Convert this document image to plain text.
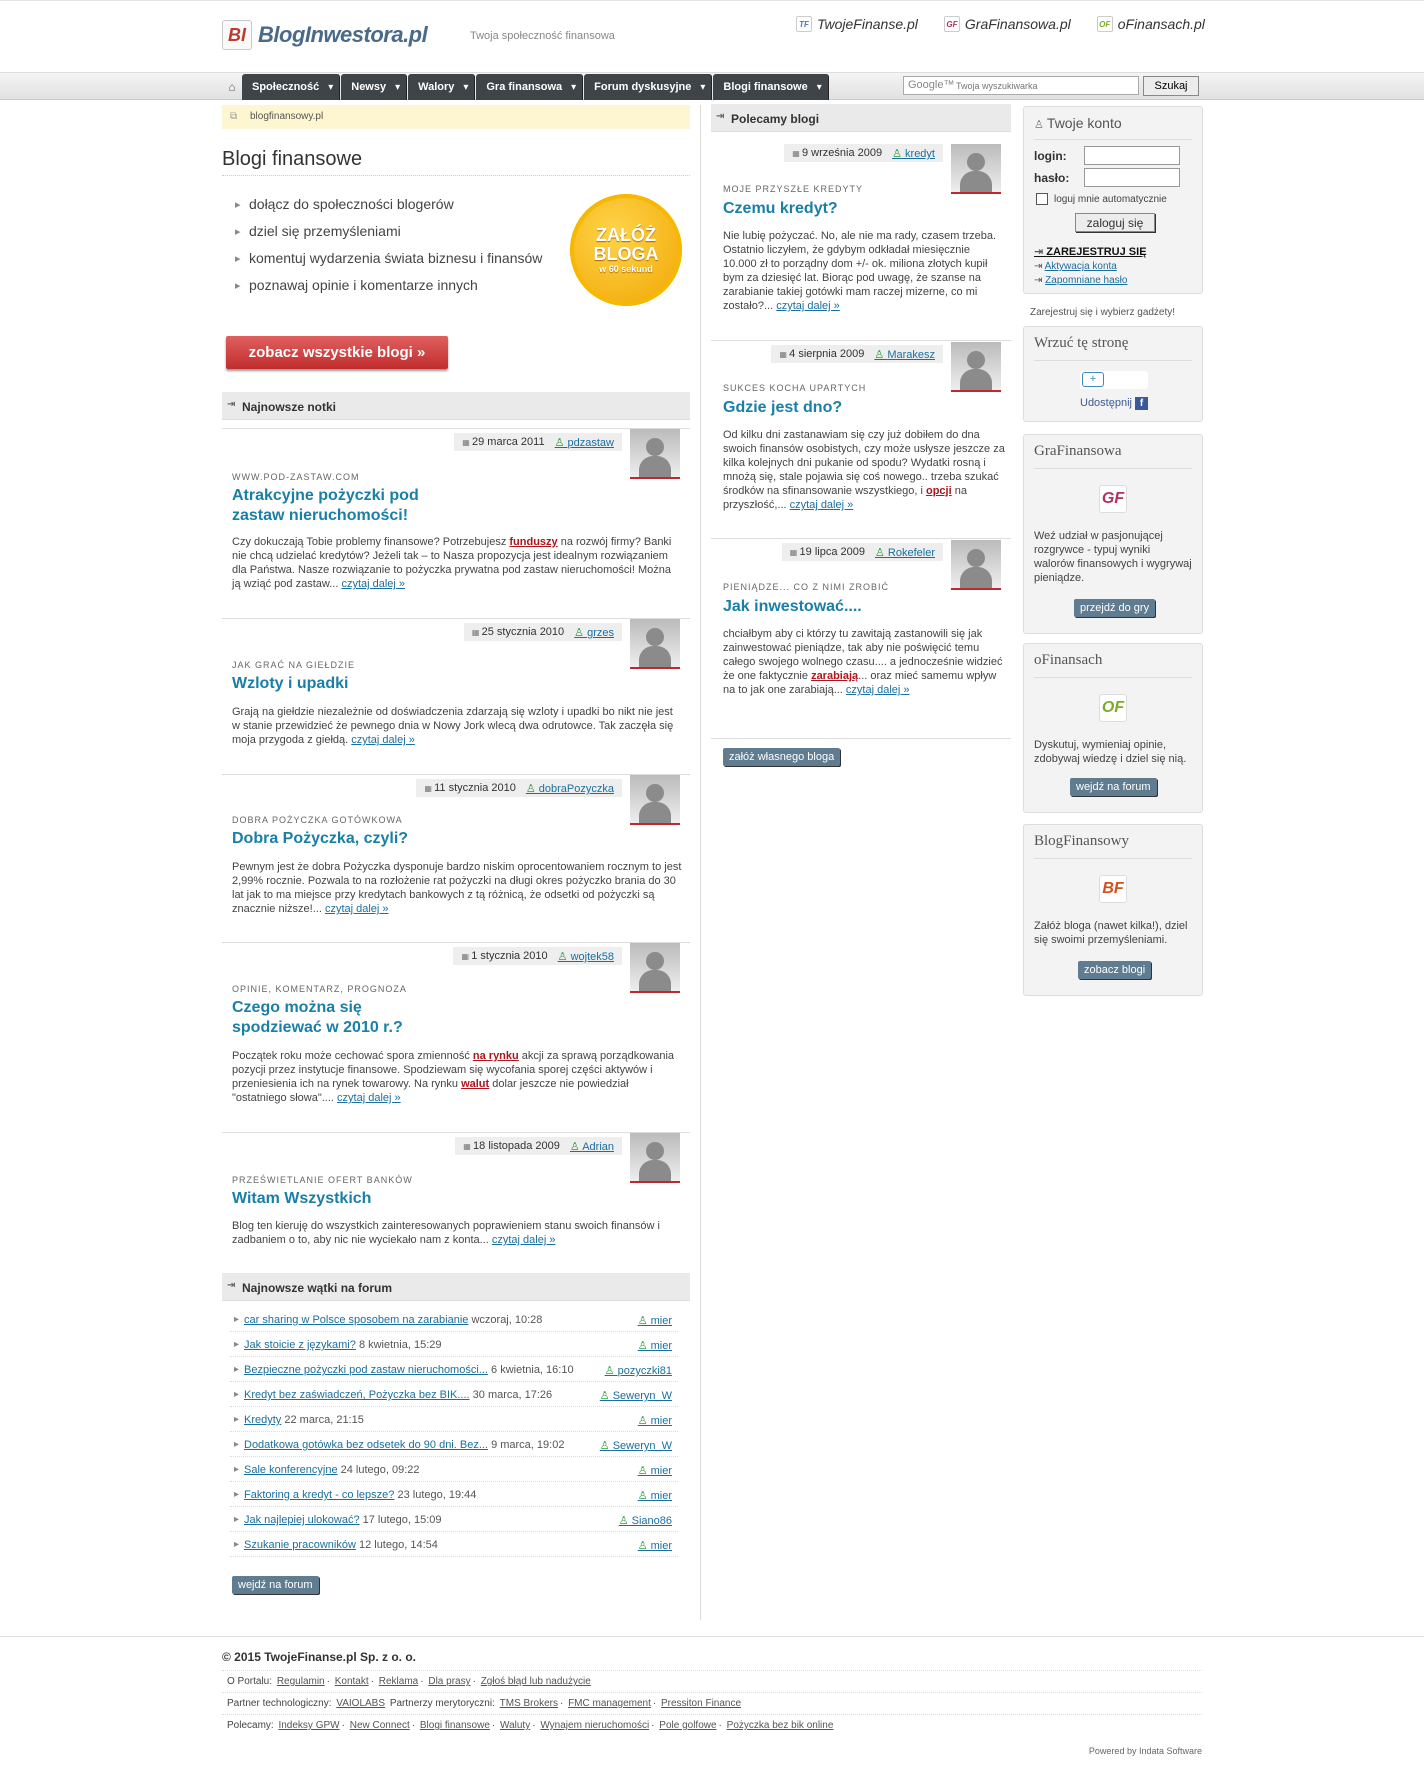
BI BlogInwestora.pl	Twoja społeczność finansowa
TF TwojeFinanse.pl	GF GraFinansowa.pl	OF oFinansach.pl
⌂	Społeczność ▾	Newsy ▾	Walory ▾	Gra finansowa ▾	Forum dyskusyjne ▾	Blogi finansowe ▾	Google™
Twoja wyszukiwarka	Szukaj
⧉ blogfinansowy.pl
Blogi finansowe
▸ dołącz do społeczności blogerów
▸ dziel się przemyśleniami
▸ komentuj wydarzenia świata biznesu i finansów
▸ poznawaj opinie i komentarze innych
ZAŁÓŻ
BLOGA
w 60 sekund
zobacz wszystkie blogi »
⇥ Najnowsze notki
▦ 29 marca 2011	♙ pdzastaw
WWW.POD-ZASTAW.COM
Atrakcyjne pożyczki pod zastaw nieruchomości!
Czy dokuczają Tobie problemy finansowe? Potrzebujesz funduszy na rozwój firmy? Banki nie chcą udzielać kredytów? Jeżeli tak – to Nasza propozycja jest idealnym rozwiązaniem dla Państwa. Nasze rozwiązanie to pożyczka prywatna pod zastaw nieruchomości! Można ją wziąć pod zastaw... czytaj dalej »
▦ 25 stycznia 2010	♙ grzes
JAK GRAĆ NA GIEŁDZIE
Wzloty i upadki
Grają na giełdzie niezależnie od doświadczenia zdarzają się wzloty i upadki bo nikt nie jest w stanie przewidzieć że pewnego dnia w Nowy Jork wlecą dwa odrutowce. Tak zaczęła się moja przygoda z giełdą. czytaj dalej »
▦ 11 stycznia 2010	♙ dobraPozyczka
DOBRA POŻYCZKA GOTÓWKOWA
Dobra Pożyczka, czyli?
Pewnym jest że dobra Pożyczka dysponuje bardzo niskim oprocentowaniem rocznym to jest 2,99% rocznie. Pozwala to na rozłożenie rat pożyczki na długi okres pożyczko brania do 30 lat jak to ma miejsce przy kredytach bankowych z tą różnicą, że odsetki od pożyczki są znacznie niższe!... czytaj dalej »
▦ 1 stycznia 2010	♙ wojtek58
OPINIE, KOMENTARZ, PROGNOZA
Czego można się spodziewać w 2010 r.?
Początek roku może cechować spora zmienność na rynku akcji za sprawą porządkowania pozycji przez instytucje finansowe. Spodziewam się wycofania sporej części aktywów i przeniesienia ich na rynek towarowy. Na rynku walut dolar jeszcze nie powiedział "ostatniego słowa".... czytaj dalej »
▦ 18 listopada 2009	♙ Adrian
PRZEŚWIETLANIE OFERT BANKÓW
Witam Wszystkich
Blog ten kieruję do wszystkich zainteresowanych poprawieniem stanu swoich finansów i zadbaniem o to, aby nic nie wyciekało nam z konta... czytaj dalej »
⇥ Najnowsze wątki na forum
▸ car sharing w Polsce sposobem na zarabianie wczoraj, 10:28	♙ mier
▸ Jak stoicie z językami? 8 kwietnia, 15:29	♙ mier
▸ Bezpieczne pożyczki pod zastaw nieruchomości... 6 kwietnia, 16:10	♙ pozyczki81
▸ Kredyt bez zaświadczeń, Pożyczka bez BIK.... 30 marca, 17:26	♙ Seweryn_W
▸ Kredyty 22 marca, 21:15	♙ mier
▸ Dodatkowa gotówka bez odsetek do 90 dni. Bez... 9 marca, 19:02	♙ Seweryn_W
▸ Sale konferencyjne 24 lutego, 09:22	♙ mier
▸ Faktoring a kredyt - co lepsze? 23 lutego, 19:44	♙ mier
▸ Jak najlepiej ulokować? 17 lutego, 15:09	♙ Siano86
▸ Szukanie pracowników 12 lutego, 14:54	♙ mier
wejdź na forum
⇥ Polecamy blogi
▦ 9 września 2009	♙ kredyt
MOJE PRZYSZŁE KREDYTY
Czemu kredyt?
Nie lubię pożyczać. No, ale nie ma rady, czasem trzeba. Ostatnio liczyłem, że gdybym odkładał miesięcznie 10.000 zł to porządny dom +/- ok. miliona złotych kupił bym za dziesięć lat. Biorąc pod uwagę, że szanse na zarabianie takiej gotówki mam raczej mizerne, co mi zostało?... czytaj dalej »
▦ 4 sierpnia 2009	♙ Marakesz
SUKCES KOCHA UPARTYCH
Gdzie jest dno?
Od kilku dni zastanawiam się czy już dobiłem do dna swoich finansów osobistych, czy może usłysze jeszcze za kilka kolejnych dni pukanie od spodu? Wydatki rosną i mnożą się, stale pojawia się coś nowego.. trzeba szukać środków na sfinansowanie wszystkiego, i opcji na przyszłość,... czytaj dalej »
▦ 19 lipca 2009	♙ Rokefeler
PIENIĄDZE... CO Z NIMI ZROBIĆ
Jak inwestować....
chciałbym aby ci którzy tu zawitają zastanowili się jak zainwestować pieniądze, tak aby nie poświęcić temu całego swojego wolnego czasu.... a jednocześnie widzieć że one faktycznie zarabiają... oraz mieć samemu wpływ na to jak one zarabiają... czytaj dalej »
załóż własnego bloga
♙ Twoje konto
login:
hasło:
loguj mnie automatycznie
zaloguj się
⇥ ZAREJESTRUJ SIĘ
⇥ Aktywacja konta
⇥ Zapomniane hasło
Zarejestruj się i wybierz gadżety!
Wrzuć tę stronę
+
Udostępnij f
GraFinansowa
GF

Weź udział w pasjonującej rozgrywce - typuj wyniki walorów finansowych i wygrywaj pieniądze.

przejdź do gry
oFinansach
OF

Dyskutuj, wymieniaj opinie, zdobywaj wiedzę i dziel się nią.

wejdź na forum
BlogFinansowy
BF

Załóż bloga (nawet kilka!), dziel się swoimi przemyśleniami.

zobacz blogi
© 2015 TwojeFinanse.pl Sp. z o. o.
O Portalu: Regulamin · Kontakt · Reklama · Dla prasy · Zgłoś błąd lub nadużycie
Partner technologiczny: VAIOLABS Partnerzy merytoryczni: TMS Brokers · FMC management · Pressiton Finance
Polecamy: Indeksy GPW · New Connect · Blogi finansowe · Waluty · Wynajem nieruchomości · Pole golfowe · Pożyczka bez bik online
Powered by Indata Software
